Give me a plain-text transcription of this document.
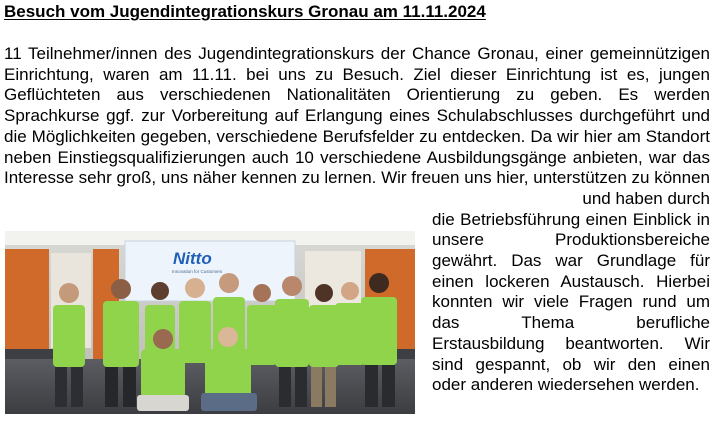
Besuch vom Jugendintegrationskurs Gronau am 11.11.2024
11 Teilnehmer/innen des Jugendintegrationskurs der Chance Gronau, einer gemeinnützigen Einrichtung, waren am 11.11. bei uns zu Besuch. Ziel dieser Einrichtung ist es, jungen Geflüchteten aus verschiedenen Nationalitäten Orientierung zu geben. Es werden Sprachkurse ggf. zur Vorbereitung auf Erlangung eines Schulabschlusses durchgeführt und die Möglichkeiten gegeben, verschiedene Berufsfelder zu entdecken. Da wir hier am Standort neben Einstiegsqualifizierungen auch 10 verschiedene Ausbildungsgänge anbieten, war das Interesse sehr groß, uns näher kennen zu lernen. Wir freuen uns hier, unterstützen zu können und haben durch
die Betriebsführung einen Einblick in unsere Produktionsbereiche gewährt. Das war Grundlage für einen lockeren Austausch. Hierbei konnten wir viele Fragen rund um das Thema berufliche Erstausbildung beantworten. Wir sind gespannt, ob wir den einen oder anderen wiedersehen werden.
Nitto
Innovation for Customers
